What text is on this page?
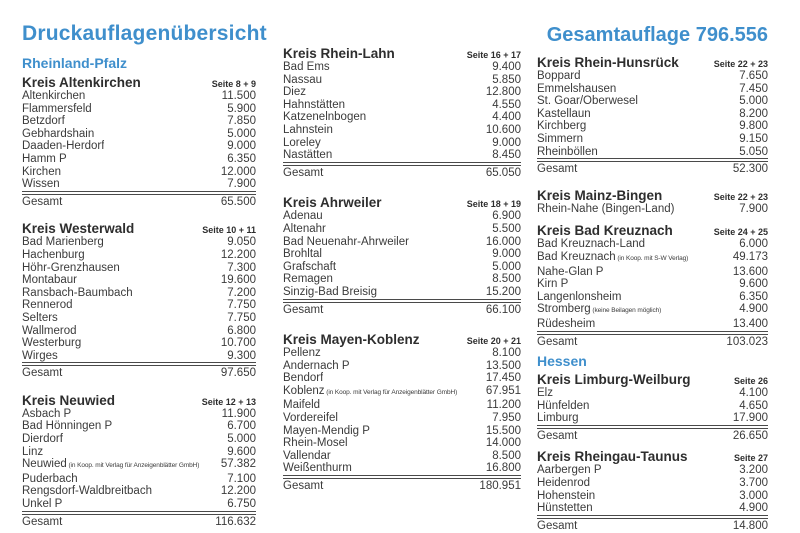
Druckauflagenübersicht	Gesamtauflage 796.556
Rheinland-Pfalz
Kreis Altenkirchen	Seite 8 + 9
Altenkirchen	11.500
Flammersfeld	5.900
Betzdorf	7.850
Gebhardshain	5.000
Daaden-Herdorf	9.000
Hamm P	6.350
Kirchen	12.000
Wissen	7.900
Gesamt	65.500
Kreis Westerwald	Seite 10 + 11
Bad Marienberg	9.050
Hachenburg	12.200
Höhr-Grenzhausen	7.300
Montabaur	19.600
Ransbach-Baumbach	7.200
Rennerod	7.750
Selters	7.750
Wallmerod	6.800
Westerburg	10.700
Wirges	9.300
Gesamt	97.650
Kreis Neuwied	Seite 12 + 13
Asbach P	11.900
Bad Hönningen P	6.700
Dierdorf	5.000
Linz	9.600
Neuwied (in Koop. mit Verlag für Anzeigenblätter GmbH) 57.382
Puderbach	7.100
Rengsdorf-Waldbreitbach	12.200
Unkel P	6.750
Gesamt	116.632
Kreis Rhein-Lahn	Seite 16 + 17
Bad Ems	9.400
Nassau	5.850
Diez	12.800
Hahnstätten	4.550
Katzenelnbogen	4.400
Lahnstein	10.600
Loreley	9.000
Nastätten	8.450
Gesamt	65.050
Kreis Ahrweiler	Seite 18 + 19
Adenau	6.900
Altenahr	5.500
Bad Neuenahr-Ahrweiler	16.000
Brohltal	9.000
Grafschaft	5.000
Remagen	8.500
Sinzig-Bad Breisig	15.200
Gesamt	66.100
Kreis Mayen-Koblenz	Seite 20 + 21
Pellenz	8.100
Andernach P	13.500
Bendorf	17.450
Koblenz (in Koop. mit Verlag für Anzeigenblätter GmbH) 67.951
Maifeld	11.200
Vordereifel	7.950
Mayen-Mendig P	15.500
Rhein-Mosel	14.000
Vallendar	8.500
Weißenthurm	16.800
Gesamt	180.951
Kreis Rhein-Hunsrück	Seite 22 + 23
Boppard	7.650
Emmelshausen	7.450
St. Goar/Oberwesel	5.000
Kastellaun	8.200
Kirchberg	9.800
Simmern	9.150
Rheinböllen	5.050
Gesamt	52.300
Kreis Mainz-Bingen	Seite 22 + 23
Rhein-Nahe (Bingen-Land)	7.900
Kreis Bad Kreuznach	Seite 24 + 25
Bad Kreuznach-Land	6.000
Bad Kreuznach (in Koop. mit S-W Verlag)	49.173
Nahe-Glan P	13.600
Kirn P	9.600
Langenlonsheim	6.350
Stromberg (keine Beilagen möglich)	4.900
Rüdesheim	13.400
Gesamt	103.023
Hessen
Kreis Limburg-Weilburg	Seite 26
Elz	4.100
Hünfelden	4.650
Limburg	17.900
Gesamt	26.650
Kreis Rheingau-Taunus	Seite 27
Aarbergen P	3.200
Heidenrod	3.700
Hohenstein	3.000
Hünstetten	4.900
Gesamt	14.800
